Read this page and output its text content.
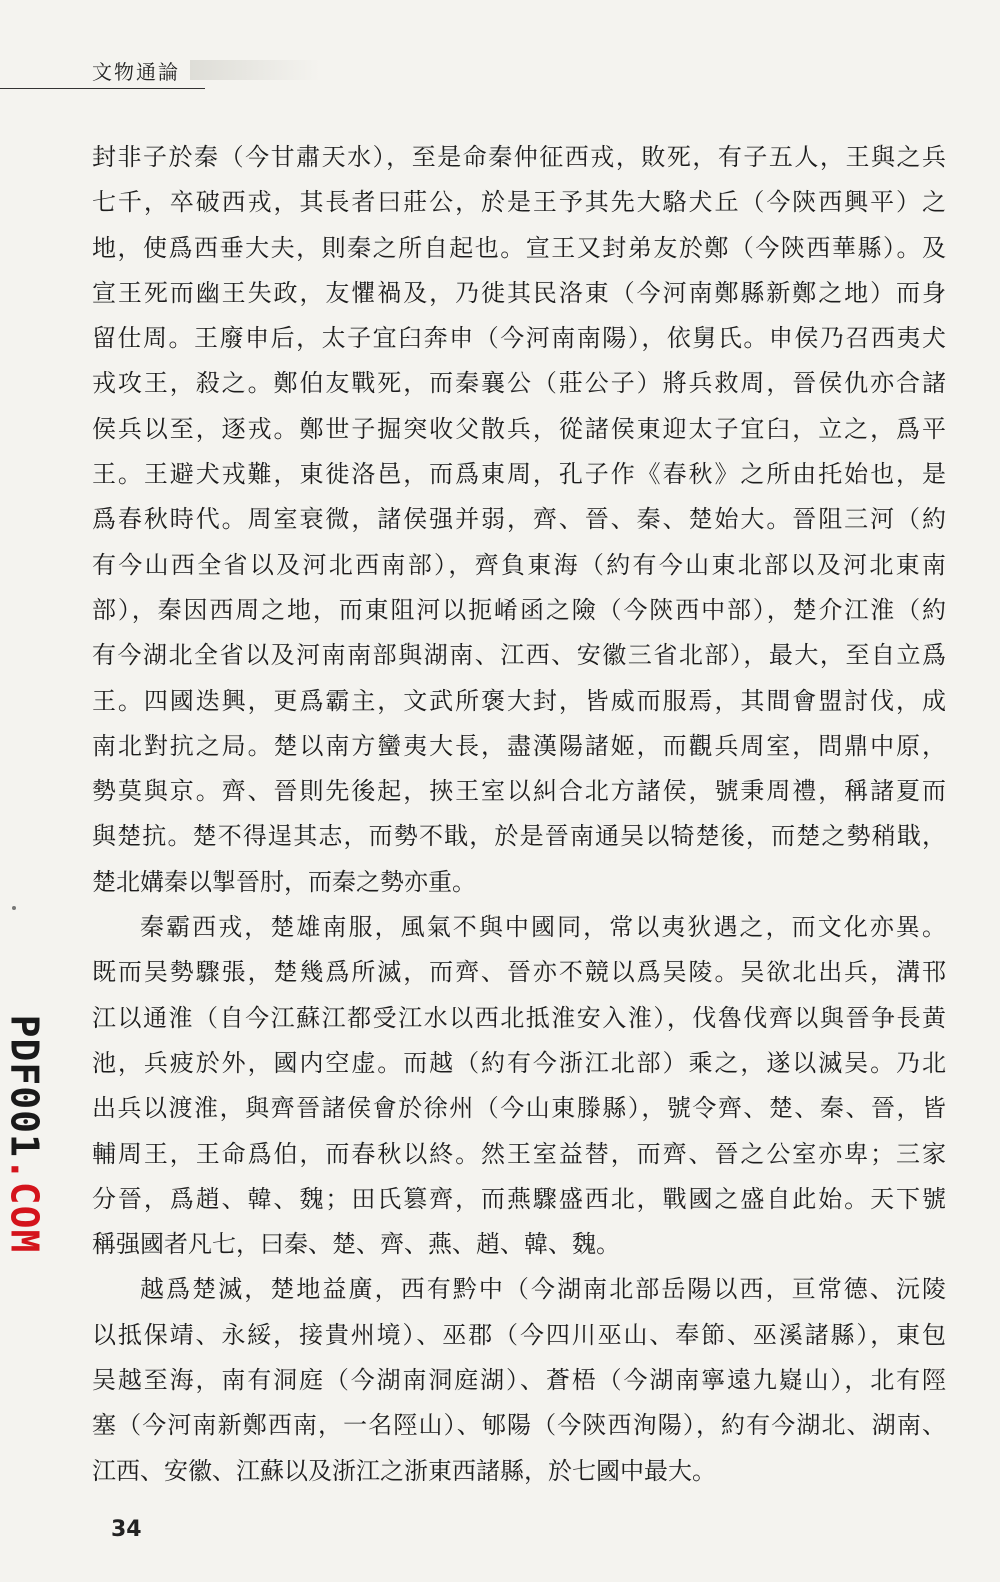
文物通論
封非子於秦（今甘肅天水），至是命秦仲征西戎，敗死，有子五人，王與之兵
七千，卒破西戎，其長者曰莊公，於是王予其先大駱犬丘（今陝西興平）之
地，使爲西垂大夫，則秦之所自起也。宣王又封弟友於鄭（今陝西華縣）。及
宣王死而幽王失政，友懼禍及，乃徙其民洛東（今河南鄭縣新鄭之地）而身
留仕周。王廢申后，太子宜臼奔申（今河南南陽），依舅氏。申侯乃召西夷犬
戎攻王，殺之。鄭伯友戰死，而秦襄公（莊公子）將兵救周，晉侯仇亦合諸
侯兵以至，逐戎。鄭世子掘突收父散兵，從諸侯東迎太子宜臼，立之，爲平
王。王避犬戎難，東徙洛邑，而爲東周，孔子作《春秋》之所由托始也，是
爲春秋時代。周室衰微，諸侯强并弱，齊、晉、秦、楚始大。晉阻三河（約
有今山西全省以及河北西南部），齊負東海（約有今山東北部以及河北東南
部），秦因西周之地，而東阻河以扼崤函之險（今陝西中部），楚介江淮（約
有今湖北全省以及河南南部與湖南、江西、安徽三省北部），最大，至自立爲
王。四國迭興，更爲霸主，文武所褒大封，皆威而服焉，其間會盟討伐，成
南北對抗之局。楚以南方蠻夷大長，盡漢陽諸姬，而觀兵周室，問鼎中原，
勢莫與京。齊、晉則先後起，挾王室以糾合北方諸侯，號秉周禮，稱諸夏而
與楚抗。楚不得逞其志，而勢不戢，於是晉南通吴以犄楚後，而楚之勢稍戢，
楚北媾秦以掣晉肘，而秦之勢亦重。
秦霸西戎，楚雄南服，風氣不與中國同，常以夷狄遇之，而文化亦異。
既而吴勢驟張，楚幾爲所滅，而齊、晉亦不競以爲吴陵。吴欲北出兵，溝邗
江以通淮（自今江蘇江都受江水以西北抵淮安入淮），伐魯伐齊以與晉争長黄
池，兵疲於外，國内空虚。而越（約有今浙江北部）乘之，遂以滅吴。乃北
出兵以渡淮，與齊晉諸侯會於徐州（今山東滕縣），號令齊、楚、秦、晉，皆
輔周王，王命爲伯，而春秋以終。然王室益替，而齊、晉之公室亦卑；三家
分晉，爲趙、韓、魏；田氏篡齊，而燕驟盛西北，戰國之盛自此始。天下號
稱强國者凡七，曰秦、楚、齊、燕、趙、韓、魏。
越爲楚滅，楚地益廣，西有黔中（今湖南北部岳陽以西，亘常德、沅陵
以抵保靖、永綏，接貴州境）、巫郡（今四川巫山、奉節、巫溪諸縣），東包
吴越至海，南有洞庭（今湖南洞庭湖）、蒼梧（今湖南寧遠九嶷山），北有陘
塞（今河南新鄭西南，一名陘山）、郇陽（今陝西洵陽），約有今湖北、湖南、
江西、安徽、江蘇以及浙江之浙東西諸縣，於七國中最大。
PDF001.COM
34
